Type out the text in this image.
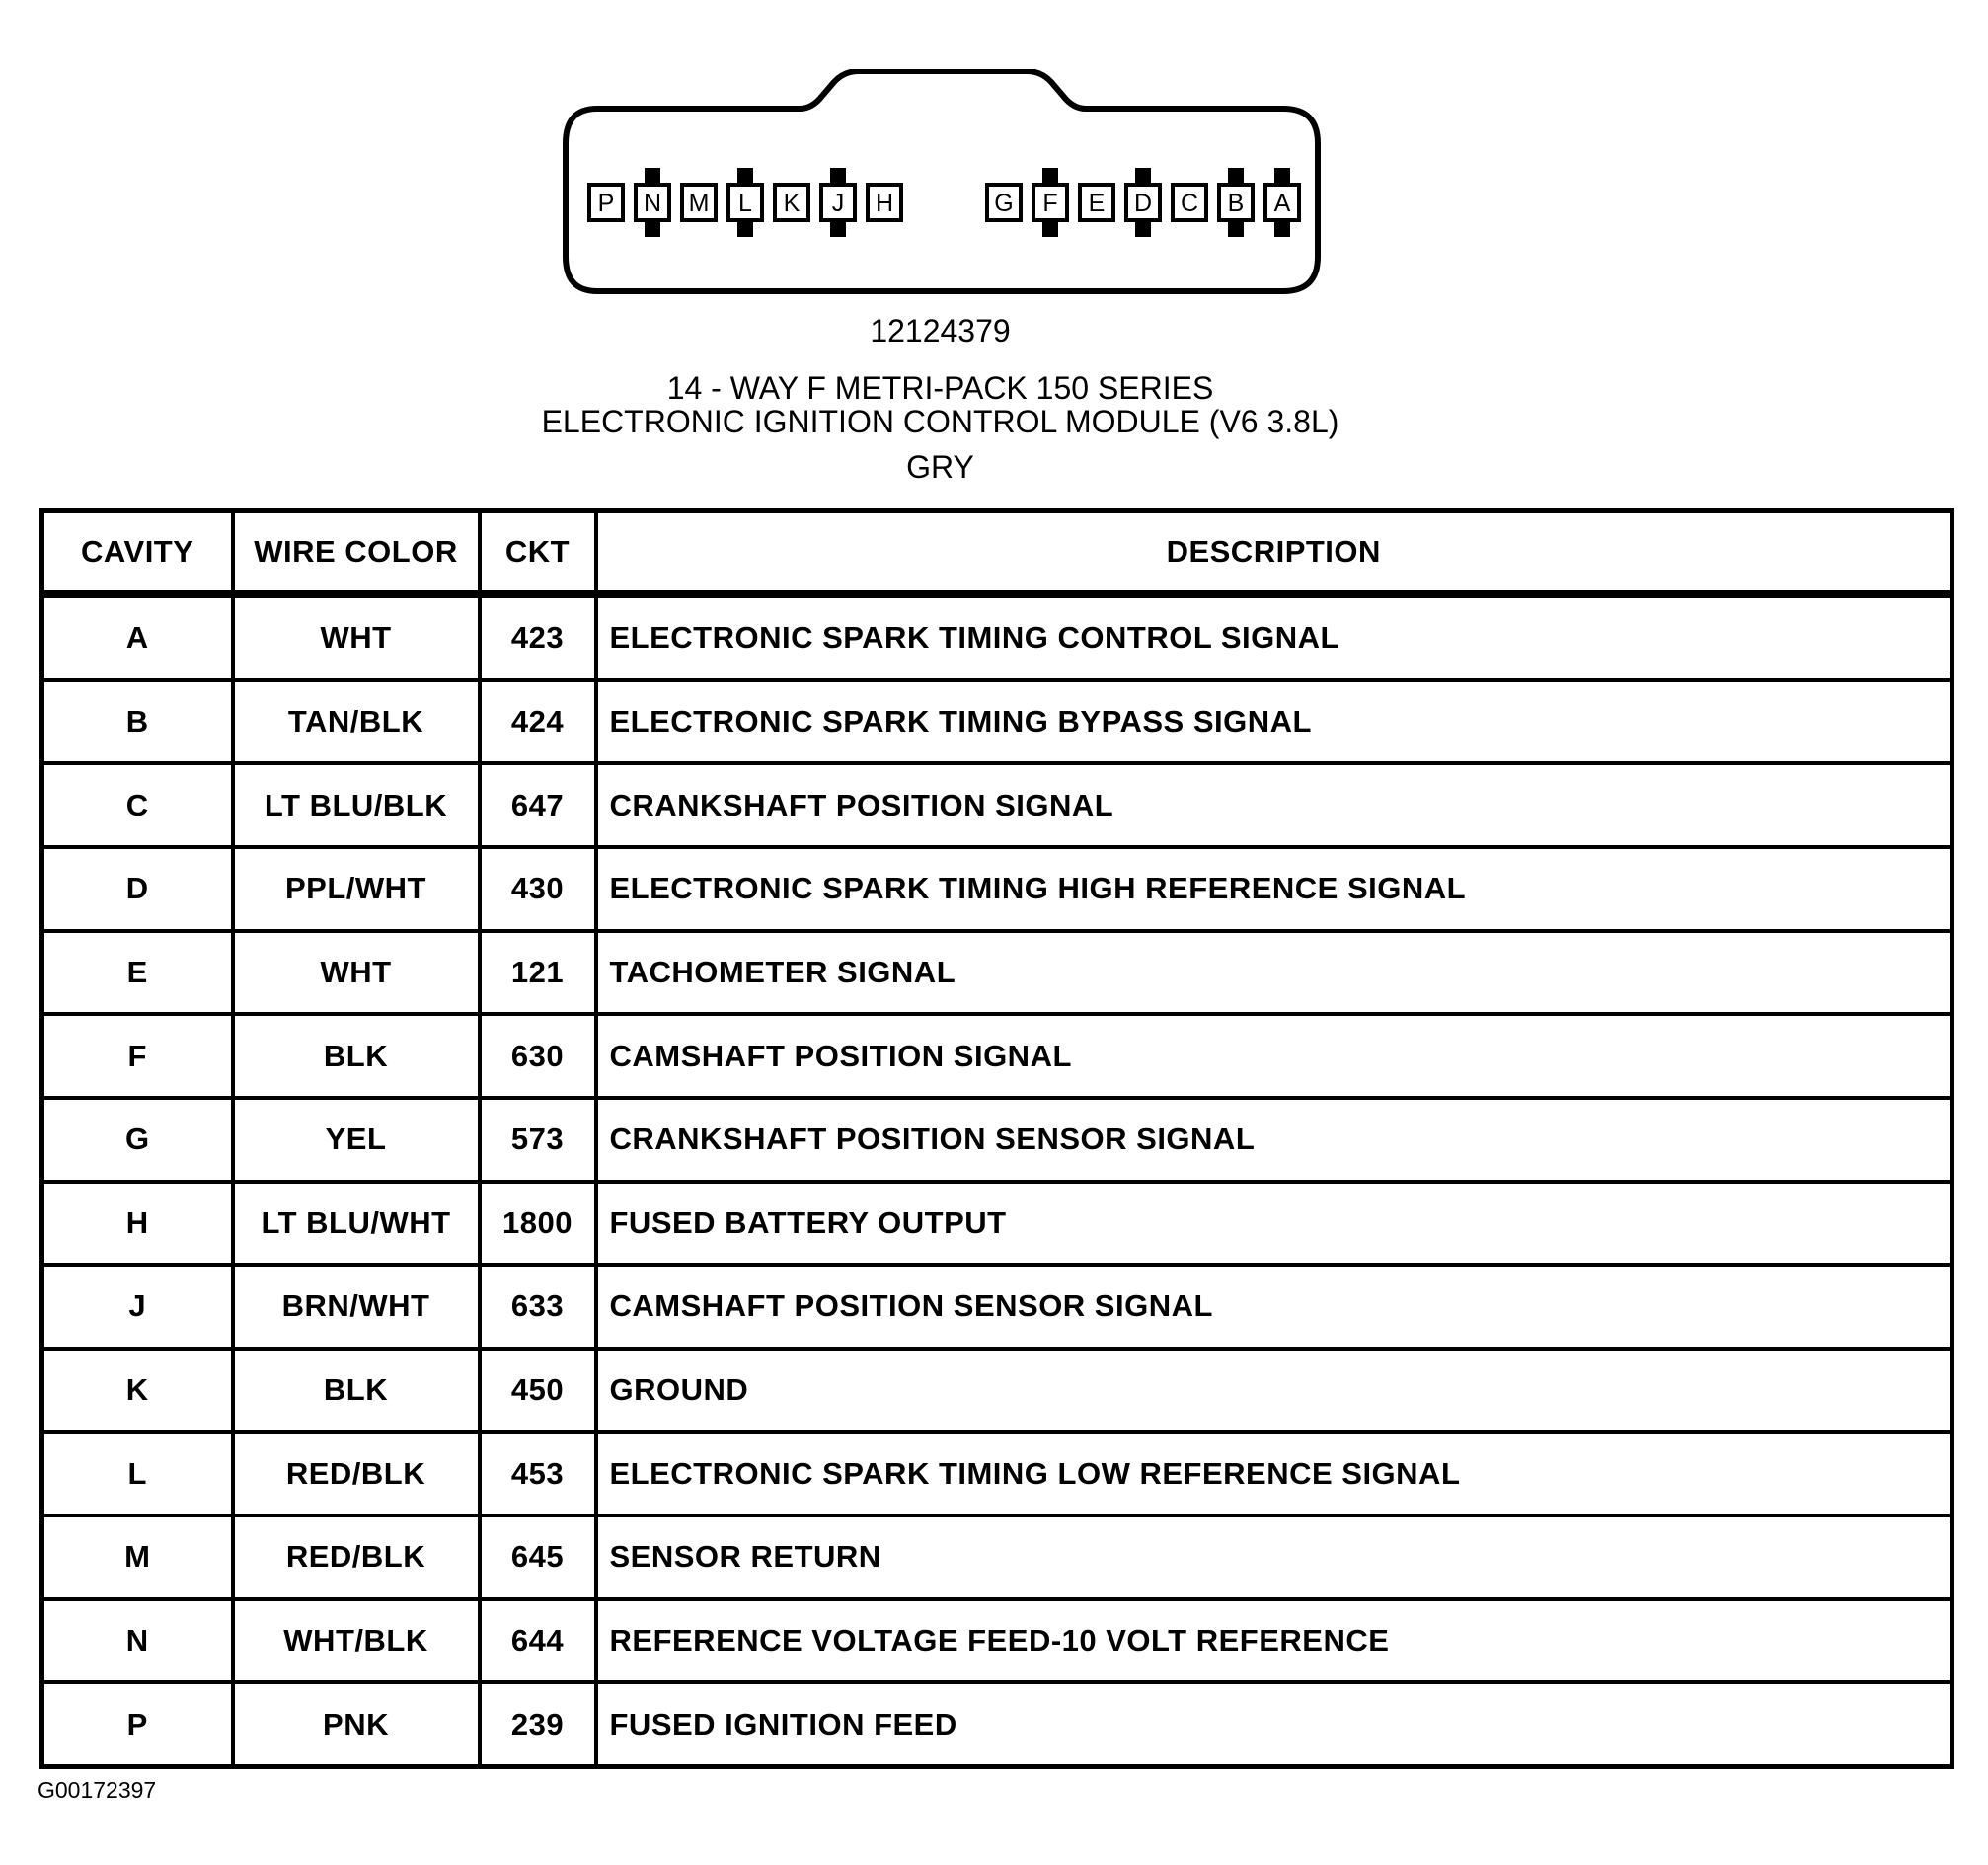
P N M L K J H	G F E D C B A
12124379
14 - WAY F METRI-PACK 150 SERIES
ELECTRONIC IGNITION CONTROL MODULE (V6 3.8L)
GRY
CAVITY	WIRE COLOR	CKT	DESCRIPTION
A	WHT	423	ELECTRONIC SPARK TIMING CONTROL SIGNAL
B	TAN/BLK	424	ELECTRONIC SPARK TIMING BYPASS SIGNAL
C	LT BLU/BLK	647	CRANKSHAFT POSITION SIGNAL
D	PPL/WHT	430	ELECTRONIC SPARK TIMING HIGH REFERENCE SIGNAL
E	WHT	121	TACHOMETER SIGNAL
F	BLK	630	CAMSHAFT POSITION SIGNAL
G	YEL	573	CRANKSHAFT POSITION SENSOR SIGNAL
H	LT BLU/WHT	1800	FUSED BATTERY OUTPUT
J	BRN/WHT	633	CAMSHAFT POSITION SENSOR SIGNAL
K	BLK	450	GROUND
L	RED/BLK	453	ELECTRONIC SPARK TIMING LOW REFERENCE SIGNAL
M	RED/BLK	645	SENSOR RETURN
N	WHT/BLK	644	REFERENCE VOLTAGE FEED-10 VOLT REFERENCE
P	PNK	239	FUSED IGNITION FEED
G00172397
